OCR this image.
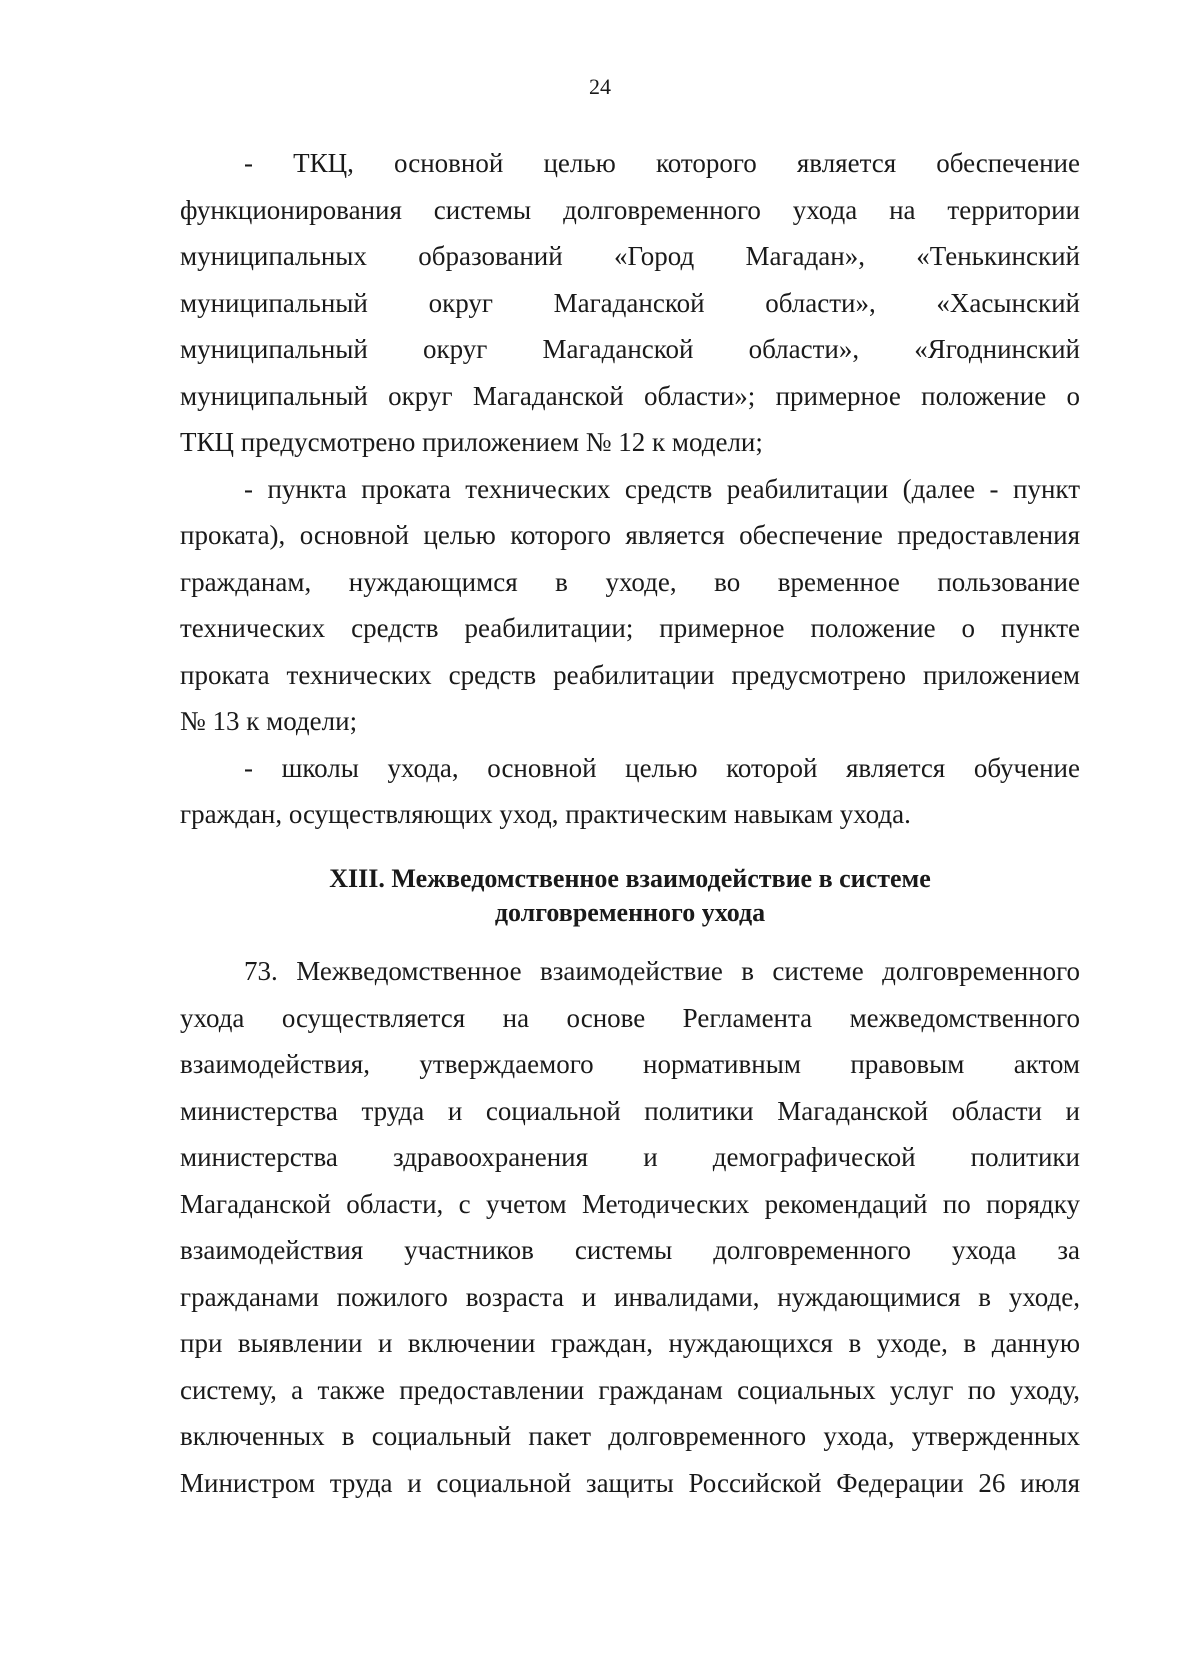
24
- ТКЦ, основной целью которого является обеспечение
функционирования системы долговременного ухода на территории
муниципальных образований «Город Магадан», «Тенькинский
муниципальный округ Магаданской области», «Хасынский
муниципальный округ Магаданской области», «Ягоднинский
муниципальный округ Магаданской области»; примерное положение о
ТКЦ предусмотрено приложением № 12 к модели;
- пункта проката технических средств реабилитации (далее - пункт
проката), основной целью которого является обеспечение предоставления
гражданам, нуждающимся в уходе, во временное пользование
технических средств реабилитации; примерное положение о пункте
проката технических средств реабилитации предусмотрено приложением
№ 13 к модели;
- школы ухода, основной целью которой является обучение
граждан, осуществляющих уход, практическим навыкам ухода.
XIII. Межведомственное взаимодействие в системе
долговременного ухода
73. Межведомственное взаимодействие в системе долговременного
ухода осуществляется на основе Регламента межведомственного
взаимодействия, утверждаемого нормативным правовым актом
министерства труда и социальной политики Магаданской области и
министерства здравоохранения и демографической политики
Магаданской области, с учетом Методических рекомендаций по порядку
взаимодействия участников системы долговременного ухода за
гражданами пожилого возраста и инвалидами, нуждающимися в уходе,
при выявлении и включении граждан, нуждающихся в уходе, в данную
систему, а также предоставлении гражданам социальных услуг по уходу,
включенных в социальный пакет долговременного ухода, утвержденных
Министром труда и социальной защиты Российской Федерации 26 июля
